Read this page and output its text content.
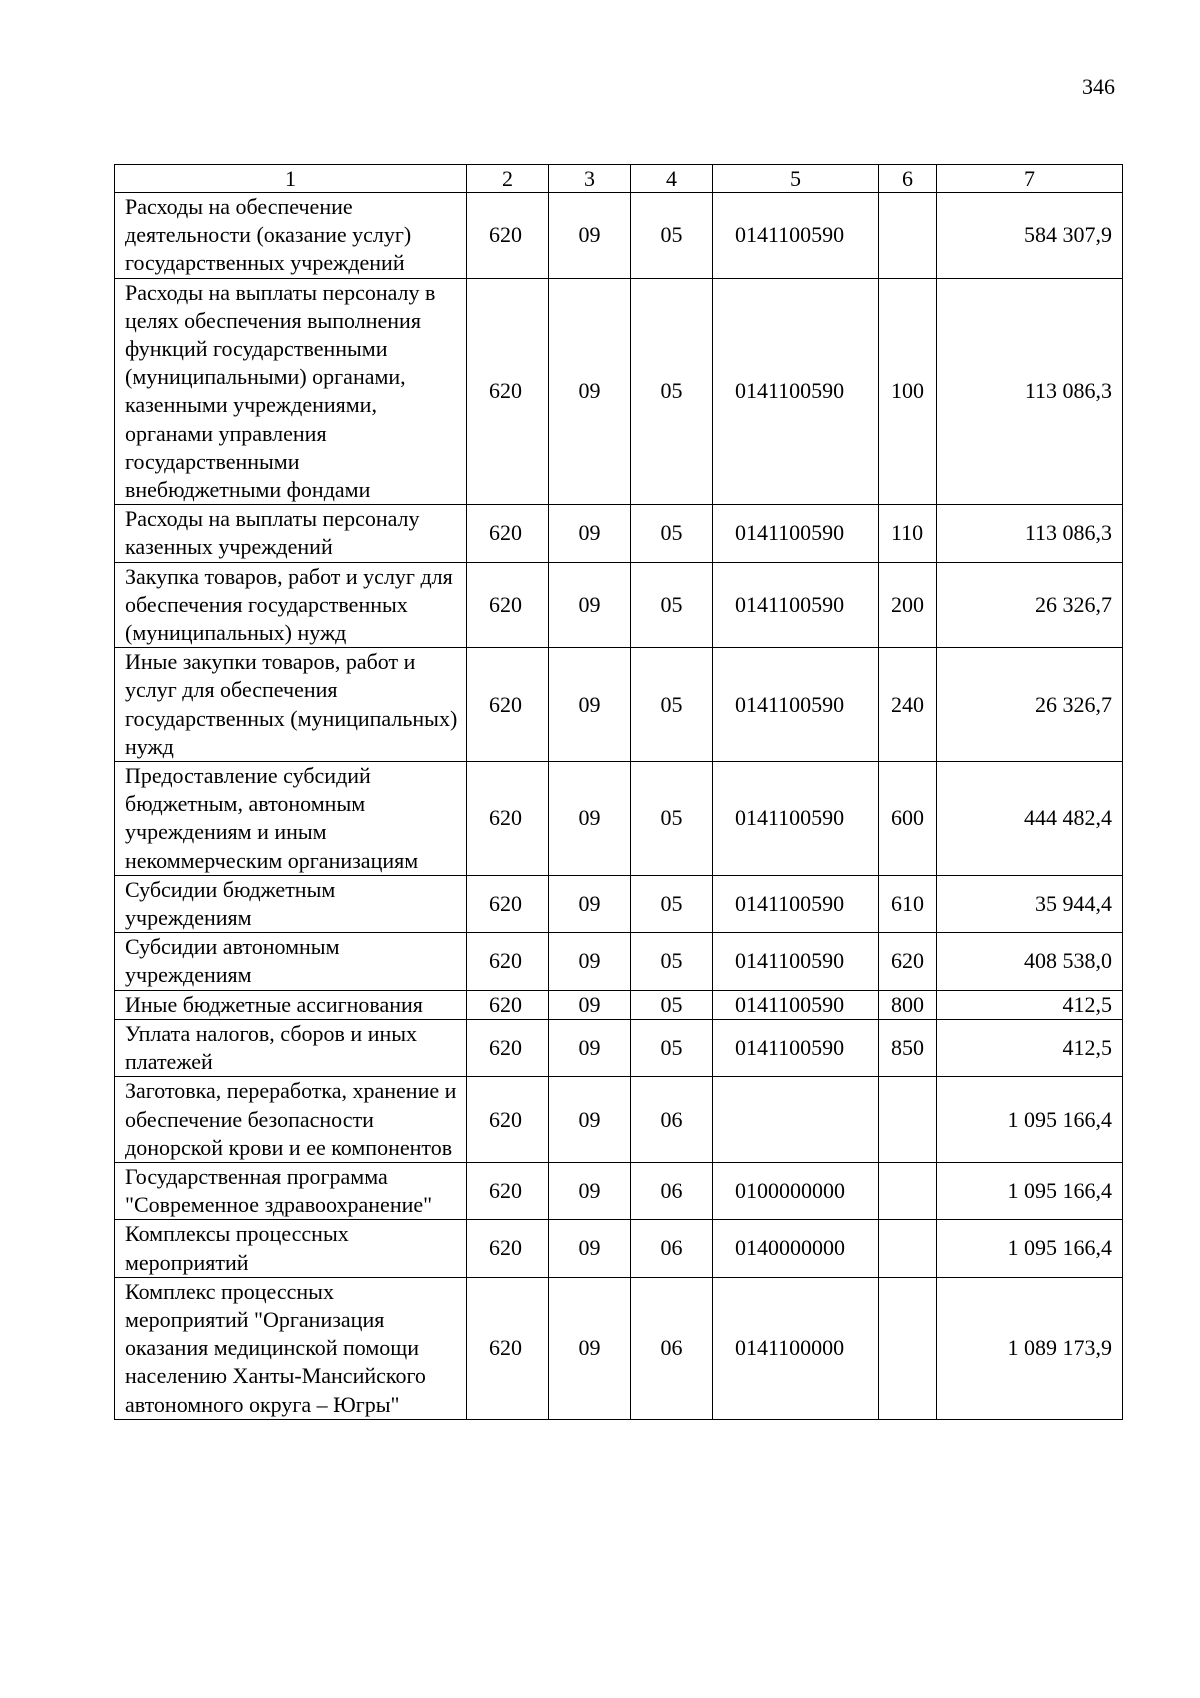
346
1	2	3	4	5	6	7
Расходы на обеспечение деятельности (оказание услуг) государственных учреждений	620	09	05	0141100590		584 307,9
Расходы на выплаты персоналу в целях обеспечения выполнения функций государственными (муниципальными) органами, казенными учреждениями, органами управления государственными внебюджетными фондами	620	09	05	0141100590	100	113 086,3
Расходы на выплаты персоналу казенных учреждений	620	09	05	0141100590	110	113 086,3
Закупка товаров, работ и услуг для обеспечения государственных (муниципальных) нужд	620	09	05	0141100590	200	26 326,7
Иные закупки товаров, работ и услуг для обеспечения государственных (муниципальных) нужд	620	09	05	0141100590	240	26 326,7
Предоставление субсидий бюджетным, автономным учреждениям и иным некоммерческим организациям	620	09	05	0141100590	600	444 482,4
Субсидии бюджетным учреждениям	620	09	05	0141100590	610	35 944,4
Субсидии автономным учреждениям	620	09	05	0141100590	620	408 538,0
Иные бюджетные ассигнования	620	09	05	0141100590	800	412,5
Уплата налогов, сборов и иных платежей	620	09	05	0141100590	850	412,5
Заготовка, переработка, хранение и обеспечение безопасности донорской крови и ее компонентов	620	09	06			1 095 166,4
Государственная программа "Современное здравоохранение"	620	09	06	0100000000		1 095 166,4
Комплексы процессных мероприятий	620	09	06	0140000000		1 095 166,4
Комплекс процессных мероприятий "Организация оказания медицинской помощи населению Ханты-Мансийского автономного округа – Югры"	620	09	06	0141100000		1 089 173,9
